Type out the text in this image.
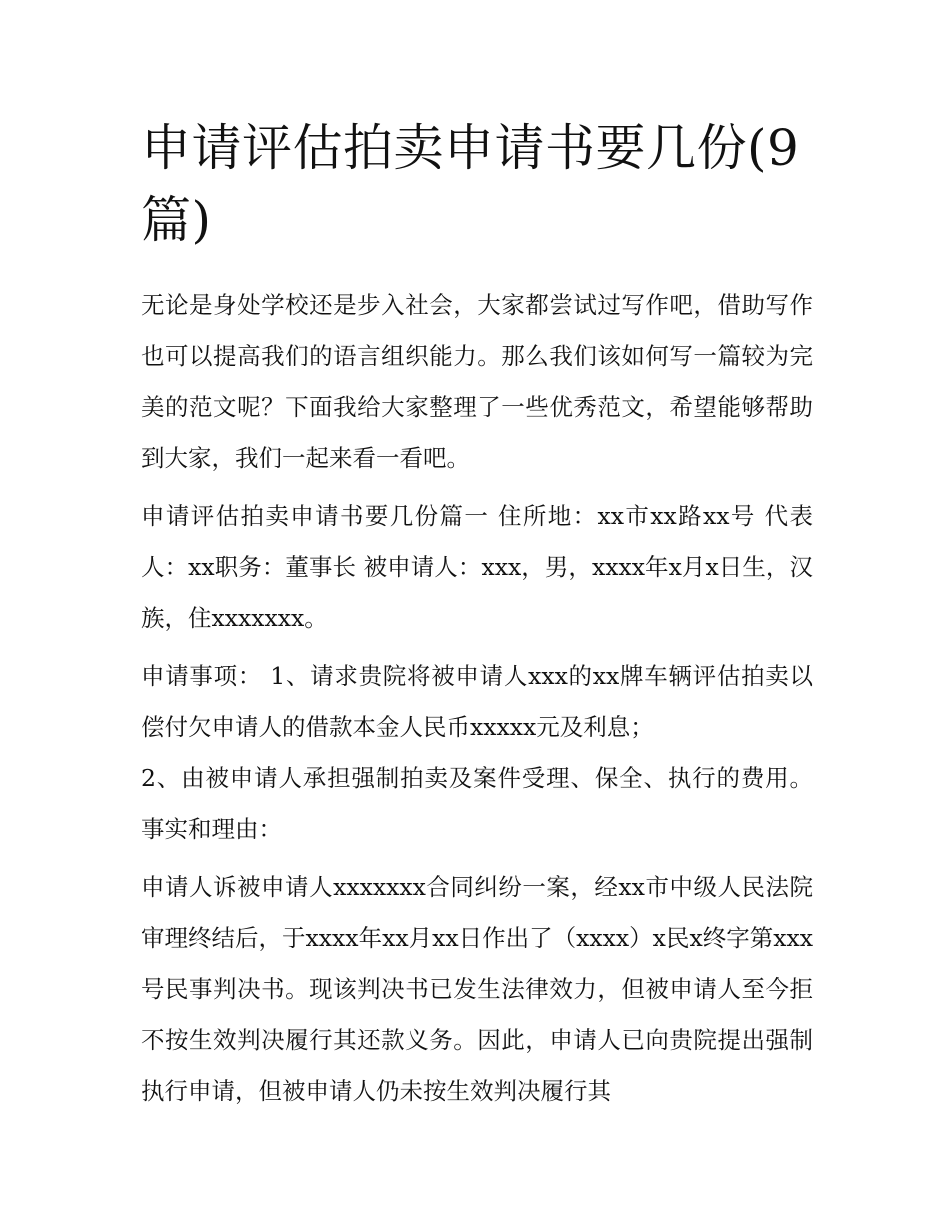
申请评估拍卖申请书要几份(9篇)

无论是身处学校还是步入社会，大家都尝试过写作吧，借助写作也可以提高我们的语言组织能力。那么我们该如何写一篇较为完美的范文呢？下面我给大家整理了一些优秀范文，希望能够帮助到大家，我们一起来看一看吧。

申请评估拍卖申请书要几份篇一 住所地：xx市xx路xx号 代表人：xx职务：董事长 被申请人：xxx，男，xxxx年x月x日生，汉族，住xxxxxxx。

申请事项： 1、请求贵院将被申请人xxx的xx牌车辆评估拍卖以偿付欠申请人的借款本金人民币xxxxx元及利息；

2、由被申请人承担强制拍卖及案件受理、保全、执行的费用。 事实和理由：

申请人诉被申请人xxxxxxx合同纠纷一案，经xx市中级人民法院审理终结后，于xxxx年xx月xx日作出了（xxxx）x民x终字第xxx号民事判决书。现该判决书已发生法律效力，但被申请人至今拒不按生效判决履行其还款义务。因此，申请人已向贵院提出强制执行申请，但被申请人仍未按生效判决履行其
